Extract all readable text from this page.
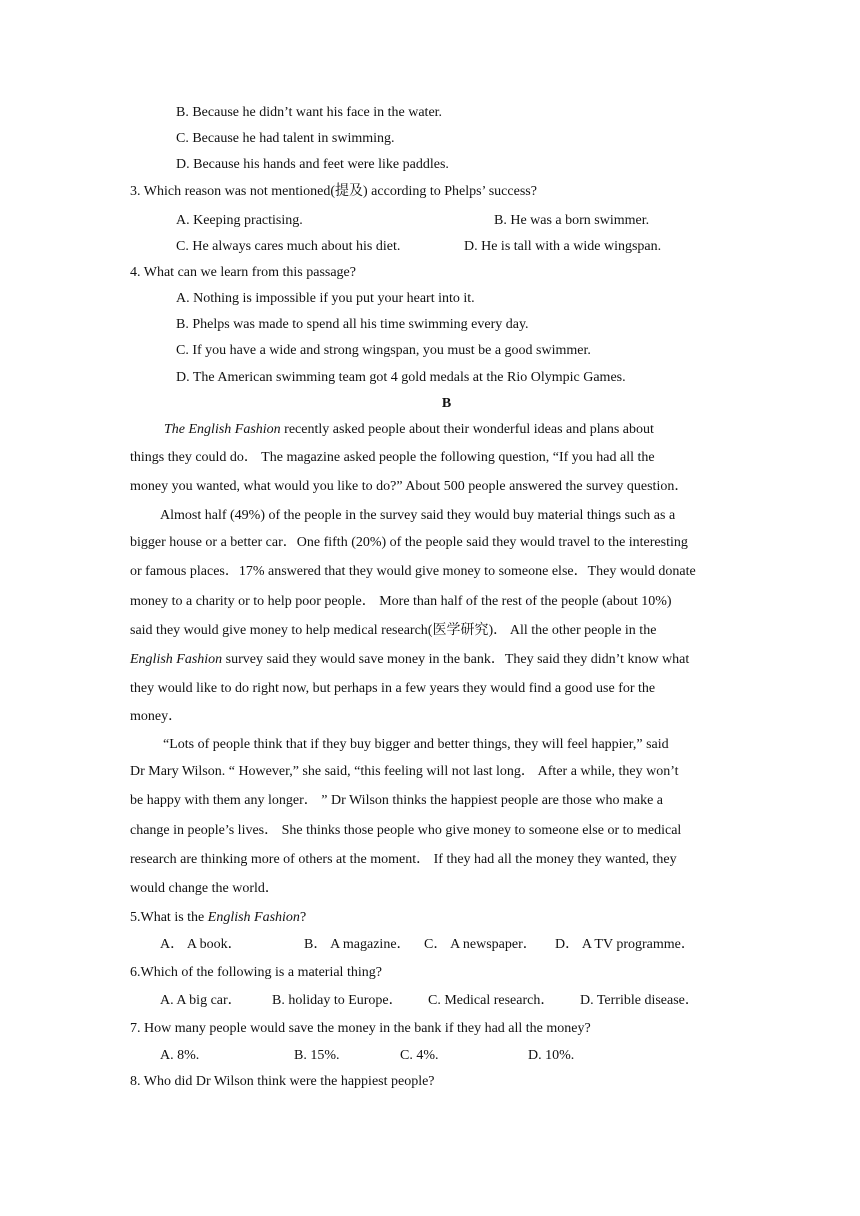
B. Because he didn’t want his face in the water.
C. Because he had talent in swimming.
D. Because his hands and feet were like paddles.
3. Which reason was not mentioned(提及) according to Phelps’ success?
A. Keeping practising.	B. He was a born swimmer.
C. He always cares much about his diet.	D. He is tall with a wide wingspan.
4. What can we learn from this passage?
A. Nothing is impossible if you put your heart into it.
B. Phelps was made to spend all his time swimming every day.
C. If you have a wide and strong wingspan, you must be a good swimmer.
D. The American swimming team got 4 gold medals at the Rio Olympic Games.
B
The English Fashion recently asked people about their wonderful ideas and plans about
things they could do． The magazine asked people the following question, “If you had all the
money you wanted, what would you like to do?” About 500 people answered the survey question．
Almost half (49%) of the people in the survey said they would buy material things such as a
bigger house or a better car．One fifth (20%) of the people said they would travel to the interesting
or famous places．17% answered that they would give money to someone else．They would donate
money to a charity or to help poor people． More than half of the rest of the people (about 10%)
said they would give money to help medical research(医学研究)． All the other people in the
English Fashion survey said they would save money in the bank．They said they didn’t know what
they would like to do right now, but perhaps in a few years they would find a good use for the
money．
“Lots of people think that if they buy bigger and better things, they will feel happier,” said
Dr Mary Wilson. “ However,” she said, “this feeling will not last long． After a while, they won’t
be happy with them any longer． ” Dr Wilson thinks the happiest people are those who make a
change in people’s lives． She thinks those people who give money to someone else or to medical
research are thinking more of others at the moment． If they had all the money they wanted, they
would change the world．
5.What is the English Fashion?
A． A book．	B． A magazine． C． A newspaper． D． A TV programme．
6.Which of the following is a material thing?
A. A big car． B. holiday to Europe． C. Medical research． D. Terrible disease．
7. How many people would save the money in the bank if they had all the money?
A. 8%.	B. 15%.	C. 4%.	D. 10%.
8. Who did Dr Wilson think were the happiest people?
